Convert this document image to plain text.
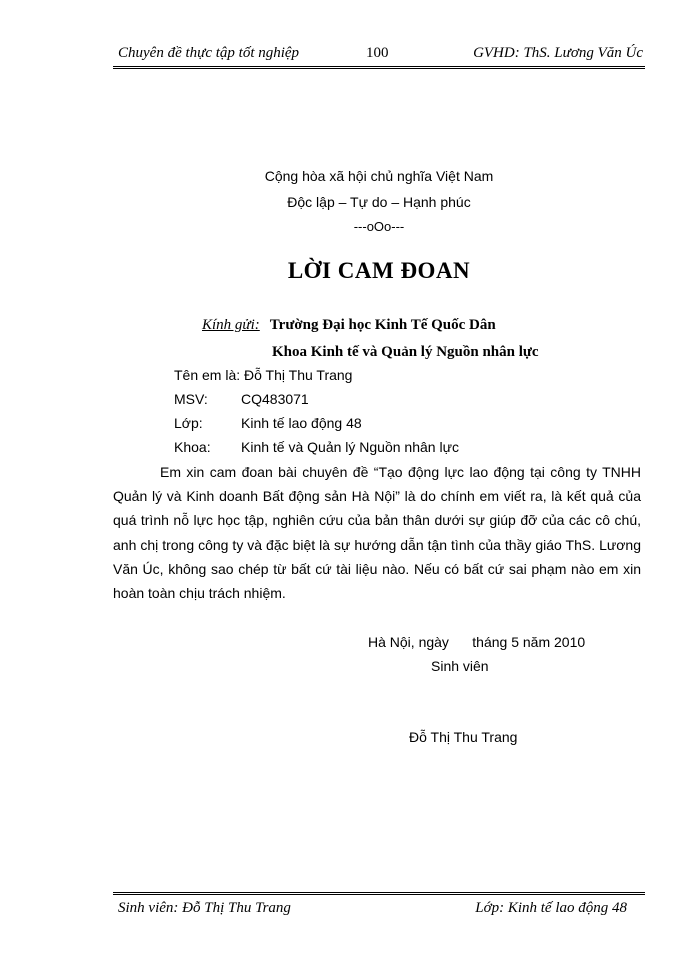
Chuyên đề thực tập tốt nghiệp	100	GVHD: ThS. Lương Văn Úc
Cộng hòa xã hội chủ nghĩa Việt Nam
Độc lập – Tự do – Hạnh phúc
---oOo---
LỜI CAM ĐOAN
Kính gửi: Trường Đại học Kinh Tế Quốc Dân
Khoa Kinh tế và Quản lý Nguồn nhân lực
Tên em là: Đỗ Thị Thu Trang
MSV: CQ483071
Lớp:	Kinh tế lao động 48
Khoa: Kinh tế và Quản lý Nguồn nhân lực

Em xin cam đoan bài chuyên đề “Tạo động lực lao động tại công ty TNHH Quản lý và Kinh doanh Bất động sản Hà Nội” là do chính em viết ra, là kết quả của quá trình nỗ lực học tập, nghiên cứu của bản thân dưới sự giúp đỡ của các cô chú, anh chị trong công ty và đặc biệt là sự hướng dẫn tận tình của thầy giáo ThS. Lương Văn Úc, không sao chép từ bất cứ tài liệu nào. Nếu có bất cứ sai phạm nào em xin hoàn toàn chịu trách nhiệm.

Hà Nội, ngày      tháng 5 năm 2010
Sinh viên
Đỗ Thị Thu Trang
Sinh viên: Đỗ Thị Thu Trang	Lớp: Kinh tế lao động 48
